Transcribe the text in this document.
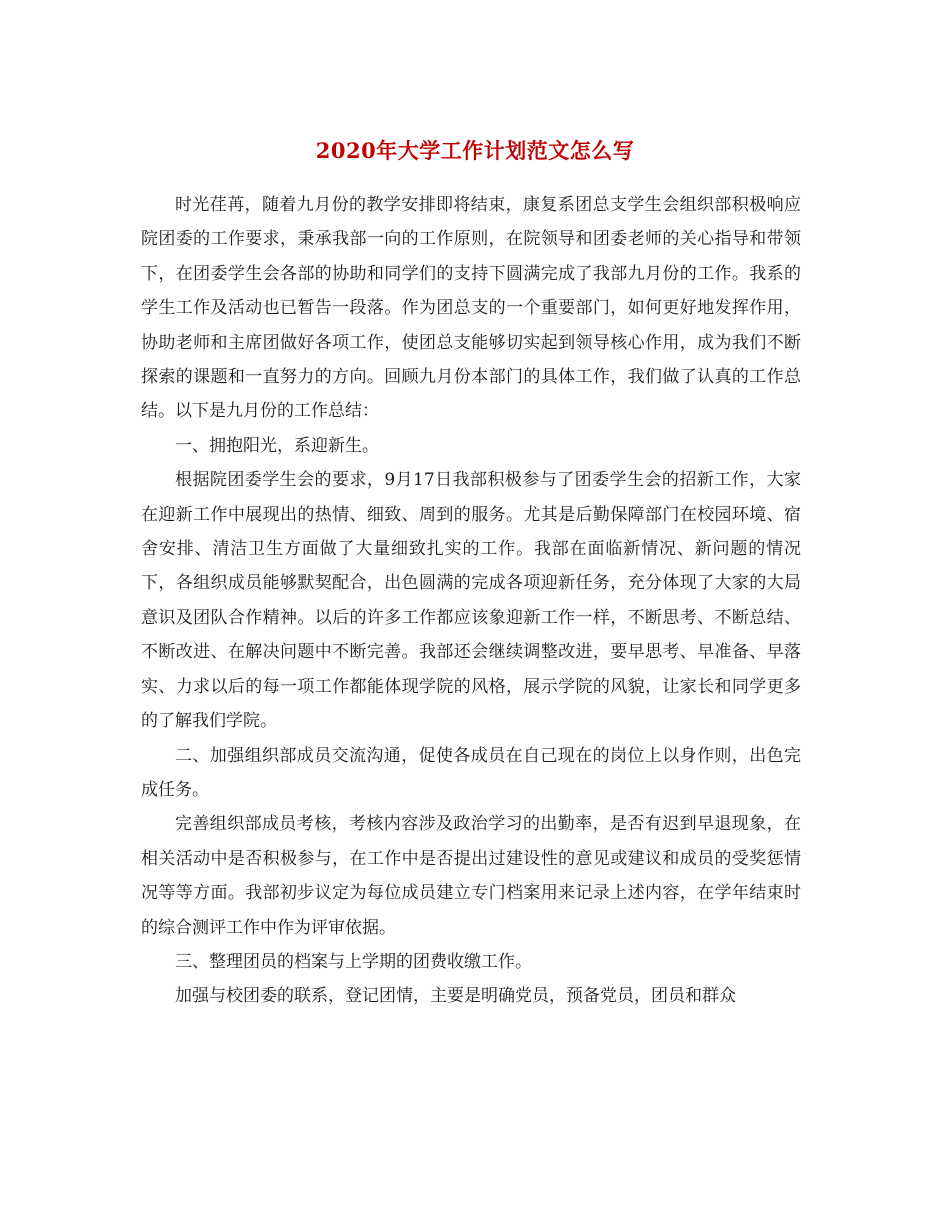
2020年大学工作计划范文怎么写

时光荏苒，随着九月份的教学安排即将结束，康复系团总支学生会组织部积极响应院团委的工作要求，秉承我部一向的工作原则，在院领导和团委老师的关心指导和带领下，在团委学生会各部的协助和同学们的支持下圆满完成了我部九月份的工作。我系的学生工作及活动也已暂告一段落。作为团总支的一个重要部门，如何更好地发挥作用，协助老师和主席团做好各项工作，使团总支能够切实起到领导核心作用，成为我们不断探索的课题和一直努力的方向。回顾九月份本部门的具体工作，我们做了认真的工作总结。以下是九月份的工作总结：

一、拥抱阳光，系迎新生。

根据院团委学生会的要求，9月17日我部积极参与了团委学生会的招新工作，大家在迎新工作中展现出的热情、细致、周到的服务。尤其是后勤保障部门在校园环境、宿舍安排、清洁卫生方面做了大量细致扎实的工作。我部在面临新情况、新问题的情况下，各组织成员能够默契配合，出色圆满的完成各项迎新任务，充分体现了大家的大局意识及团队合作精神。以后的许多工作都应该象迎新工作一样，不断思考、不断总结、不断改进、在解决问题中不断完善。我部还会继续调整改进，要早思考、早准备、早落实、力求以后的每一项工作都能体现学院的风格，展示学院的风貌，让家长和同学更多的了解我们学院。

二、加强组织部成员交流沟通，促使各成员在自己现在的岗位上以身作则，出色完成任务。

完善组织部成员考核，考核内容涉及政治学习的出勤率，是否有迟到早退现象，在相关活动中是否积极参与，在工作中是否提出过建设性的意见或建议和成员的受奖惩情况等等方面。我部初步议定为每位成员建立专门档案用来记录上述内容，在学年结束时的综合测评工作中作为评审依据。

三、整理团员的档案与上学期的团费收缴工作。

加强与校团委的联系，登记团情，主要是明确党员，预备党员，团员和群众
